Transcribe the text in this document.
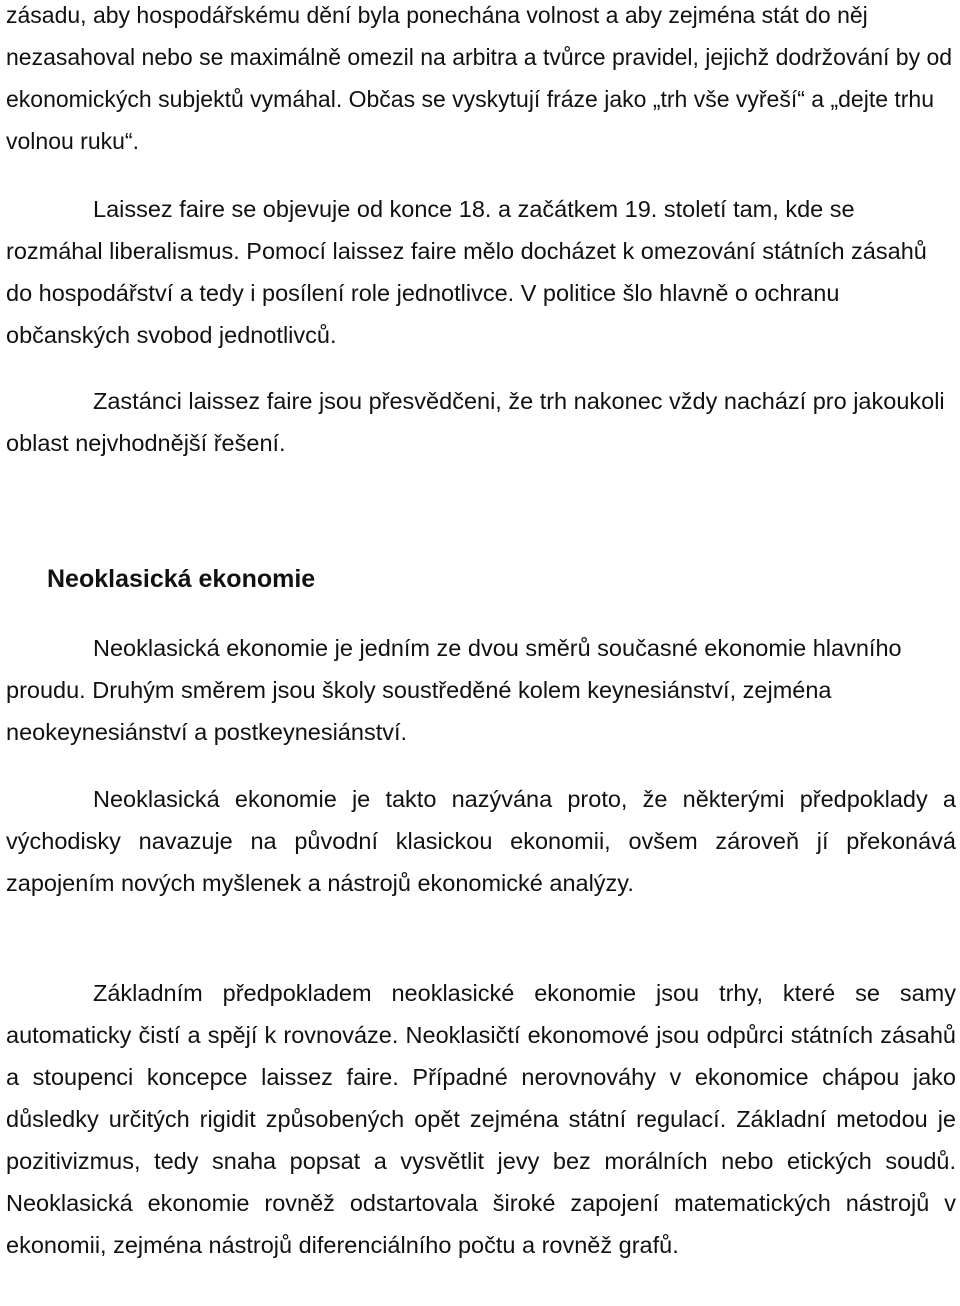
zásadu, aby hospodářskému dění byla ponechána volnost a aby zejména stát do něj nezasahoval nebo se maximálně omezil na arbitra a tvůrce pravidel, jejichž dodržování by od ekonomických subjektů vymáhal. Občas se vyskytují fráze jako „trh vše vyřeší“ a „dejte trhu volnou ruku“.

Laissez faire se objevuje od konce 18. a začátkem 19. století tam, kde se rozmáhal liberalismus. Pomocí laissez faire mělo docházet k omezování státních zásahů do hospodářství a tedy i posílení role jednotlivce. V politice šlo hlavně o ochranu občanských svobod jednotlivců.

Zastánci laissez faire jsou přesvědčeni, že trh nakonec vždy nachází pro jakoukoli oblast nejvhodnější řešení.

Neoklasická ekonomie

Neoklasická ekonomie je jedním ze dvou směrů současné ekonomie hlavního proudu. Druhým směrem jsou školy soustředěné kolem keynesiánství, zejména neokeynesiánství a postkeynesiánství.

Neoklasická ekonomie je takto nazývána proto, že některými předpoklady a východisky navazuje na původní klasickou ekonomii, ovšem zároveň jí překonává zapojením nových myšlenek a nástrojů ekonomické analýzy.

Základním předpokladem neoklasické ekonomie jsou trhy, které se samy automaticky čistí a spějí k rovnováze. Neoklasičtí ekonomové jsou odpůrci státních zásahů a stoupenci koncepce laissez faire. Případné nerovnováhy v ekonomice chápou jako důsledky určitých rigidit způsobených opět zejména státní regulací. Základní metodou je pozitivizmus, tedy snaha popsat a vysvětlit jevy bez morálních nebo etických soudů. Neoklasická ekonomie rovněž odstartovala široké zapojení matematických nástrojů v ekonomii, zejména nástrojů diferenciálního počtu a rovněž grafů.
